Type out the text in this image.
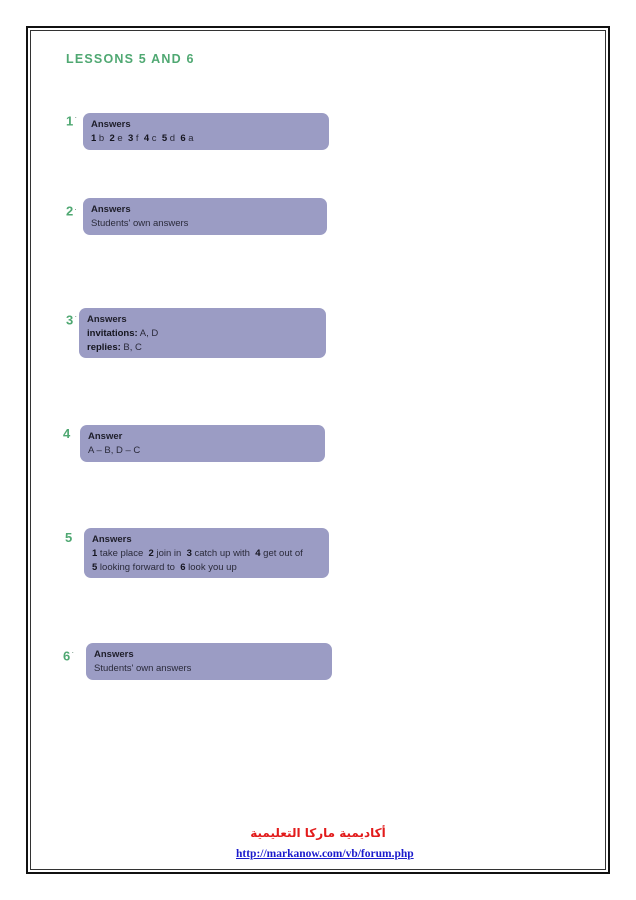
LESSONS 5 AND 6
1·
Answers
1 b  2 e  3 f  4 c  5 d  6 a
2. Answers
Students' own answers
3· Answers
invitations: A, D
replies: B, C
4 Answer
A – B, D – C
5 Answers
1 take place  2 join in  3 catch up with  4 get out of
5 looking forward to  6 look you up
6· Answers
Students' own answers
أكاديمية ماركا التعليمية
http://markanow.com/vb/forum.php
